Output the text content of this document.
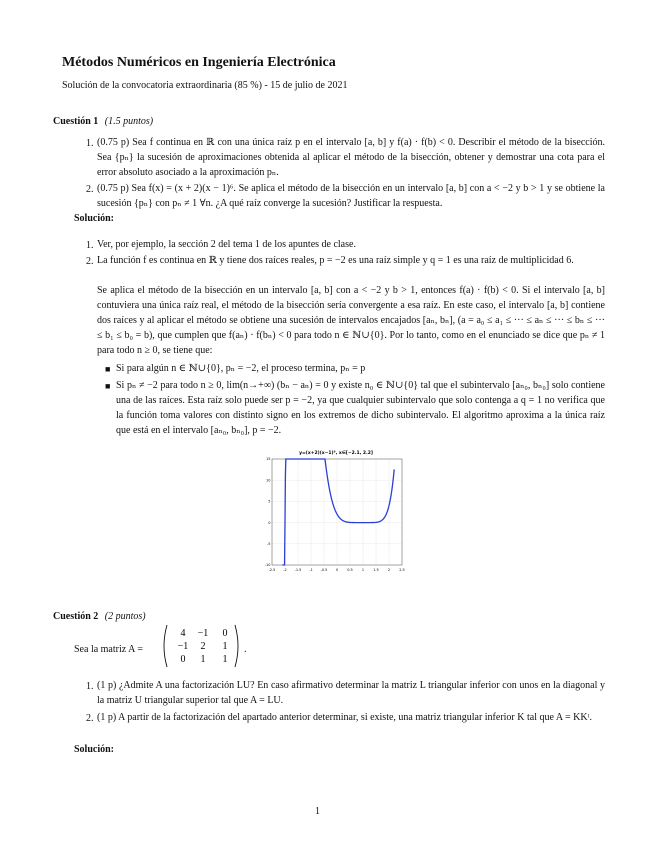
Métodos Numéricos en Ingeniería Electrónica
Solución de la convocatoria extraordinaria (85 %) - 15 de julio de 2021
Cuestión 1 (1.5 puntos)
1. (0.75 p) Sea f continua en ℝ con una única raíz p en el intervalo [a, b] y f(a) · f(b) < 0. Describir el método de la bisección. Sea {pₙ} la sucesión de aproximaciones obtenida al aplicar el método de la bisección, obtener y demostrar una cota para el error absoluto asociado a la aproximación pₙ.
2. (0.75 p) Sea f(x) = (x + 2)(x − 1)⁶. Se aplica el método de la bisección en un intervalo [a, b] con a < −2 y b > 1 y se obtiene la sucesión {pₙ} con pₙ ≠ 1 ∀n. ¿A qué raíz converge la sucesión? Justificar la respuesta.
Solución:
1. Ver, por ejemplo, la sección 2 del tema 1 de los apuntes de clase.
2. La función f es continua en ℝ y tiene dos raíces reales, p = −2 es una raíz simple y q = 1 es una raíz de multiplicidad 6.
Se aplica el método de la bisección en un intervalo [a, b] con a < −2 y b > 1, entonces f(a) · f(b) < 0. Si el intervalo [a, b] contuviera una única raíz real, el método de la bisección sería convergente a esa raíz. En este caso, el intervalo [a, b] contiene dos raíces y al aplicar el método se obtiene una sucesión de intervalos encajados [aₙ, bₙ], (a = a₀ ≤ a₁ ≤ ··· ≤ aₙ ≤ ··· ≤ bₙ ≤ ··· ≤ b₁ ≤ b₀ = b), que cumplen que f(aₙ) · f(bₙ) < 0 para todo n ∈ ℕ∪{0}. Por lo tanto, como en el enunciado se dice que pₙ ≠ 1 para todo n ≥ 0, se tiene que:
■ Si para algún n ∈ ℕ∪{0}, pₙ = −2, el proceso termina, pₙ = p
■ Si pₙ ≠ −2 para todo n ≥ 0, lim(n→+∞) (bₙ − aₙ) = 0 y existe n₀ ∈ ℕ∪{0} tal que el subintervalo [aₙ₀, bₙ₀] solo contiene una de las raíces. Esta raíz solo puede ser p = −2, ya que cualquier subintervalo que solo contenga a q = 1 no verifica que la función toma valores con distinto signo en los extremos de dicho subintervalo. El algoritmo aproxima a la única raíz que está en el intervalo [aₙ₀, bₙ₀], p = −2.
y=(x+2)(x−1)⁶, x∈[−2.1, 2.2]
-2.5 -2 -1.5 -1 -0.5 0	0.5	1	1.5	2	2.5
-10
-5
0
5
10
15
Cuestión 2 (2 puntos)
Sea la matriz A =
4 −1 0
−1 2 1
0 1 1
.
1. (1 p) ¿Admite A una factorización LU? En caso afirmativo determinar la matriz L triangular inferior con unos en la diagonal y la matriz U triangular superior tal que A = LU.
2. (1 p) A partir de la factorización del apartado anterior determinar, si existe, una matriz triangular inferior K tal que A = KKᵗ.
Solución:
1
